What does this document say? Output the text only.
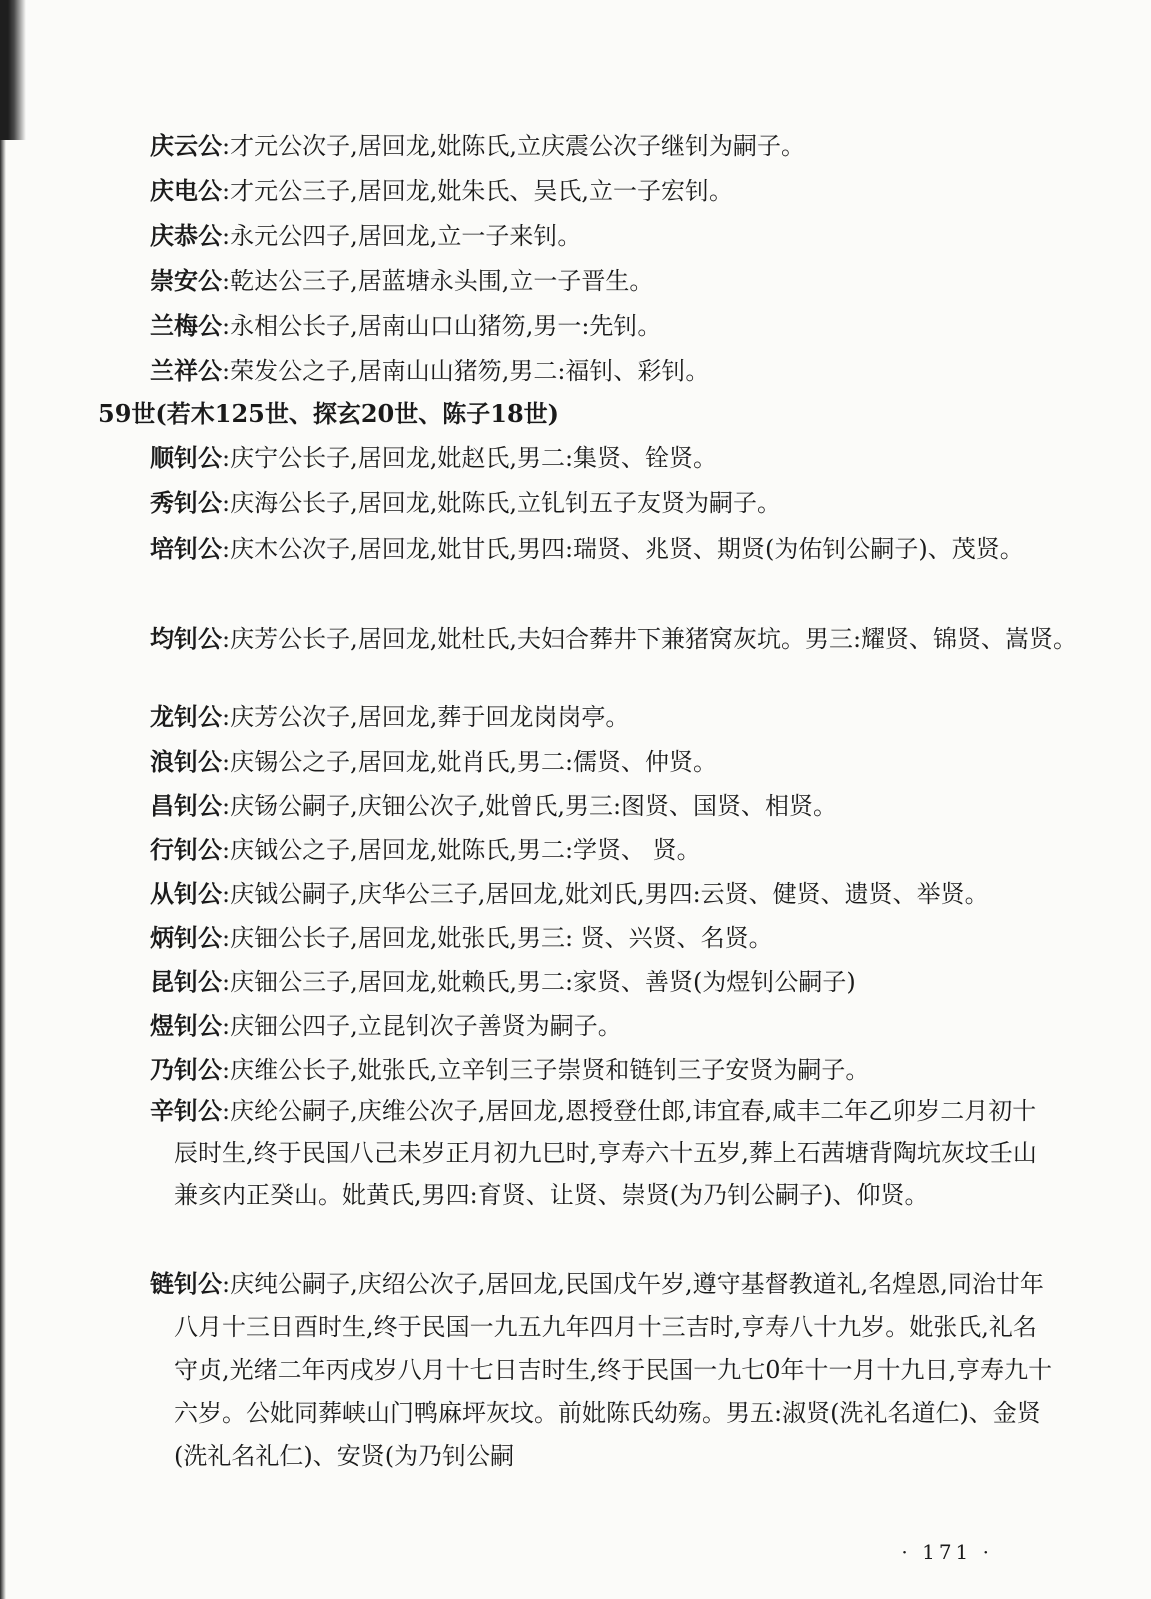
庆云公:才元公次子,居回龙,妣陈氏,立庆震公次子继钊为嗣子。
庆电公:才元公三子,居回龙,妣朱氏、吴氏,立一子宏钊。
庆恭公:永元公四子,居回龙,立一子来钊。
崇安公:乾达公三子,居蓝塘永头围,立一子晋生。
兰梅公:永相公长子,居南山口山猪笏,男一:先钊。
兰祥公:荣发公之子,居南山山猪笏,男二:福钊、彩钊。
59世(若木125世、探玄20世、陈子18世)
顺钊公:庆宁公长子,居回龙,妣赵氏,男二:集贤、铨贤。
秀钊公:庆海公长子,居回龙,妣陈氏,立钆钊五子友贤为嗣子。
培钊公:庆木公次子,居回龙,妣甘氏,男四:瑞贤、兆贤、期贤(为佑钊公嗣子)、茂贤。
均钊公:庆芳公长子,居回龙,妣杜氏,夫妇合葬井下兼猪窝灰坑。男三:耀贤、锦贤、嵩贤。
龙钊公:庆芳公次子,居回龙,葬于回龙岗岗亭。
浪钊公:庆锡公之子,居回龙,妣肖氏,男二:儒贤、仲贤。
昌钊公:庆钖公嗣子,庆钿公次子,妣曾氏,男三:图贤、国贤、相贤。
行钊公:庆钺公之子,居回龙,妣陈氏,男二:学贤、 贤。
从钊公:庆钺公嗣子,庆华公三子,居回龙,妣刘氏,男四:云贤、健贤、遗贤、举贤。
炳钊公:庆钿公长子,居回龙,妣张氏,男三: 贤、兴贤、名贤。
昆钊公:庆钿公三子,居回龙,妣赖氏,男二:家贤、善贤(为煜钊公嗣子)
煜钊公:庆钿公四子,立昆钊次子善贤为嗣子。
乃钊公:庆维公长子,妣张氏,立辛钊三子崇贤和链钊三子安贤为嗣子。
辛钊公:庆纶公嗣子,庆维公次子,居回龙,恩授登仕郎,讳宜春,咸丰二年乙卯岁二月初十辰时生,终于民国八己未岁正月初九巳时,亨寿六十五岁,葬上石茜塘背陶坑灰坟壬山兼亥内正癸山。妣黄氏,男四:育贤、让贤、崇贤(为乃钊公嗣子)、仰贤。
链钊公:庆纯公嗣子,庆绍公次子,居回龙,民国戊午岁,遵守基督教道礼,名煌恩,同治廿年八月十三日酉时生,终于民国一九五九年四月十三吉时,亨寿八十九岁。妣张氏,礼名守贞,光绪二年丙戌岁八月十七日吉时生,终于民国一九七0年十一月十九日,亨寿九十六岁。公妣同葬峡山门鸭麻坪灰坟。前妣陈氏幼殇。男五:淑贤(洗礼名道仁)、金贤(洗礼名礼仁)、安贤(为乃钊公嗣
· 171 ·
